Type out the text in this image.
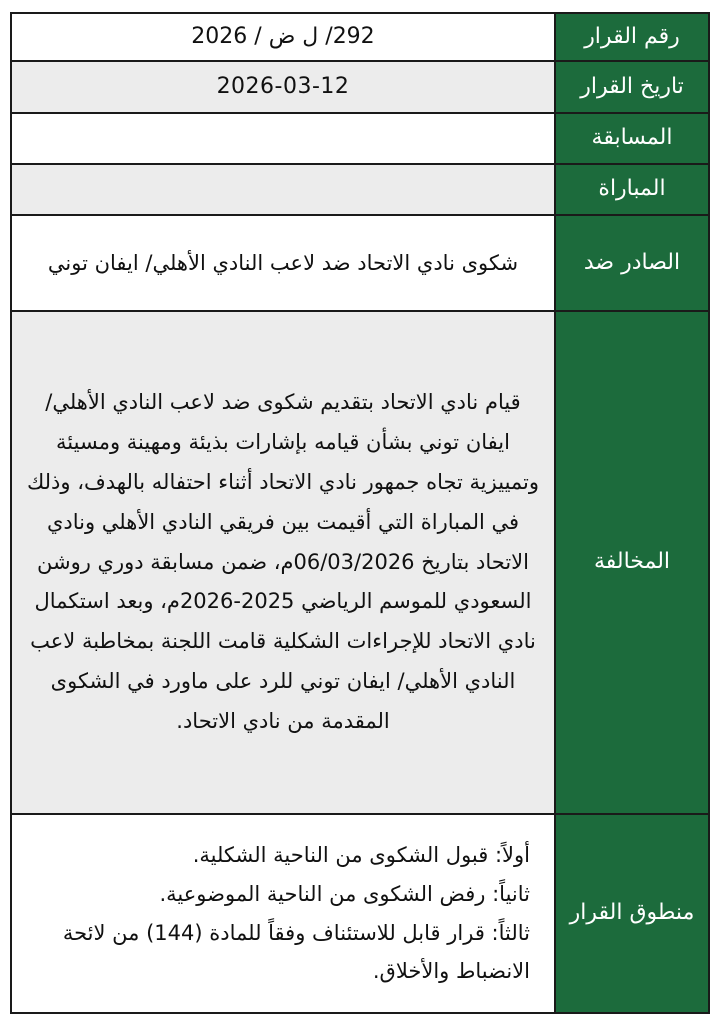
رقم القرار	292/ ل ض / 2026
تاريخ القرار	2026-03-12
المسابقة	
المباراة	
الصادر ضد	شكوى نادي الاتحاد ضد لاعب النادي الأهلي/ ايفان توني
المخالفة	قيام نادي الاتحاد بتقديم شكوى ضد لاعب النادي الأهلي/ ايفان توني بشأن قيامه بإشارات بذيئة ومهينة ومسيئة وتمييزية تجاه جمهور نادي الاتحاد أثناء احتفاله بالهدف، وذلك في المباراة التي أقيمت بين فريقي النادي الأهلي ونادي الاتحاد بتاريخ 06/03/2026م، ضمن مسابقة دوري روشن السعودي للموسم الرياضي 2025-2026م، وبعد استكمال نادي الاتحاد للإجراءات الشكلية قامت اللجنة بمخاطبة لاعب النادي الأهلي/ ايفان توني للرد على ماورد في الشكوى المقدمة من نادي الاتحاد.
منطوق القرار	أولاً: قبول الشكوى من الناحية الشكلية.
ثانياً: رفض الشكوى من الناحية الموضوعية.
ثالثاً: قرار قابل للاستئناف وفقاً للمادة (144) من لائحة الانضباط والأخلاق.
